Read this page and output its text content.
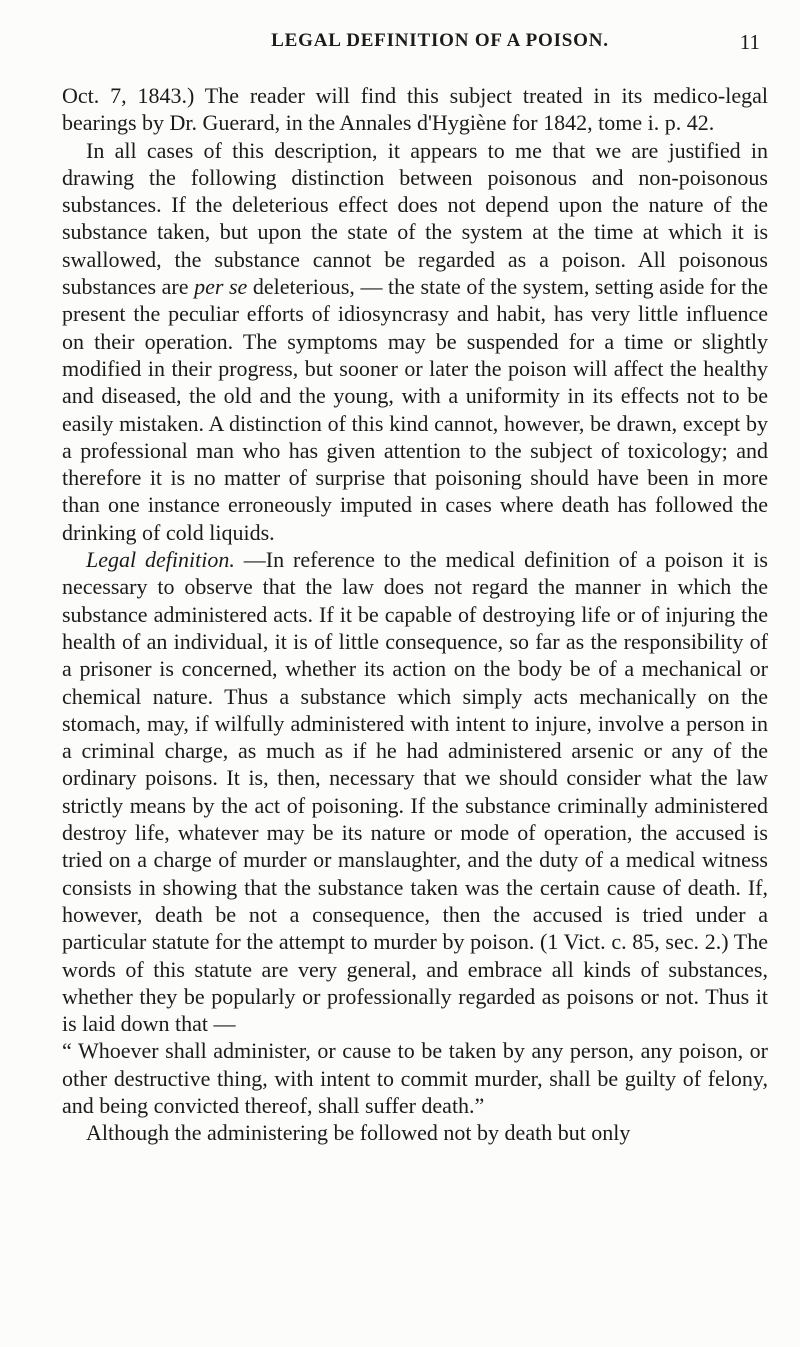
LEGAL DEFINITION OF A POISON.	11

Oct. 7, 1843.) The reader will find this subject treated in its medico-legal bearings by Dr. Guerard, in the Annales d'Hygiène for 1842, tome i. p. 42.

In all cases of this description, it appears to me that we are justified in drawing the following distinction between poisonous and non-poisonous substances. If the deleterious effect does not depend upon the nature of the substance taken, but upon the state of the system at the time at which it is swallowed, the substance cannot be regarded as a poison. All poisonous substances are per se deleterious, — the state of the system, setting aside for the present the peculiar efforts of idiosyncrasy and habit, has very little influence on their operation. The symptoms may be suspended for a time or slightly modified in their progress, but sooner or later the poison will affect the healthy and diseased, the old and the young, with a uniformity in its effects not to be easily mistaken. A distinction of this kind cannot, however, be drawn, except by a professional man who has given attention to the subject of toxicology; and therefore it is no matter of surprise that poisoning should have been in more than one instance erroneously imputed in cases where death has followed the drinking of cold liquids.

Legal definition. —In reference to the medical definition of a poison it is necessary to observe that the law does not regard the manner in which the substance administered acts. If it be capable of destroying life or of injuring the health of an individual, it is of little consequence, so far as the responsibility of a prisoner is concerned, whether its action on the body be of a mechanical or chemical nature. Thus a substance which simply acts mechanically on the stomach, may, if wilfully administered with intent to injure, involve a person in a criminal charge, as much as if he had administered arsenic or any of the ordinary poisons. It is, then, necessary that we should consider what the law strictly means by the act of poisoning. If the substance criminally administered destroy life, whatever may be its nature or mode of operation, the accused is tried on a charge of murder or manslaughter, and the duty of a medical witness consists in showing that the substance taken was the certain cause of death. If, however, death be not a consequence, then the accused is tried under a particular statute for the attempt to murder by poison. (1 Vict. c. 85, sec. 2.) The words of this statute are very general, and embrace all kinds of substances, whether they be popularly or professionally regarded as poisons or not. Thus it is laid down that —

“ Whoever shall administer, or cause to be taken by any person, any poison, or other destructive thing, with intent to commit murder, shall be guilty of felony, and being convicted thereof, shall suffer death.”

Although the administering be followed not by death but only
